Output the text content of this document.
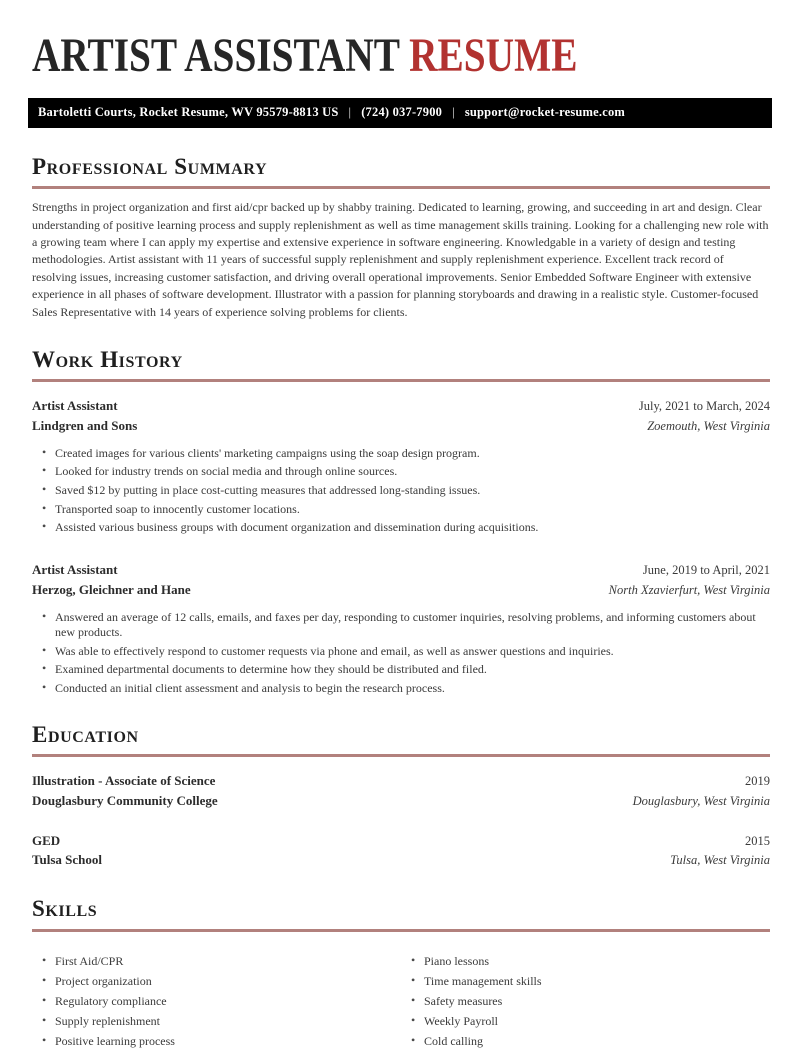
ARTIST ASSISTANT RESUME
Bartoletti Courts, Rocket Resume, WV 95579-8813 US | (724) 037-7900 | support@rocket-resume.com
Professional Summary

Strengths in project organization and first aid/cpr backed up by shabby training. Dedicated to learning, growing, and succeeding in art and design. Clear understanding of positive learning process and supply replenishment as well as time management skills training. Looking for a challenging new role with a growing team where I can apply my expertise and extensive experience in software engineering. Knowledgable in a variety of design and testing methodologies. Artist assistant with 11 years of successful supply replenishment and supply replenishment experience. Excellent track record of resolving issues, increasing customer satisfaction, and driving overall operational improvements. Senior Embedded Software Engineer with extensive experience in all phases of software development. Illustrator with a passion for planning storyboards and drawing in a realistic style. Customer-focused Sales Representative with 14 years of experience solving problems for clients.

Work History
Artist Assistant	July, 2021 to March, 2024
Lindgren and Sons	Zoemouth, West Virginia
• Created images for various clients' marketing campaigns using the soap design program.
• Looked for industry trends on social media and through online sources.
• Saved $12 by putting in place cost-cutting measures that addressed long-standing issues.
• Transported soap to innocently customer locations.
• Assisted various business groups with document organization and dissemination during acquisitions.
Artist Assistant	June, 2019 to April, 2021
Herzog, Gleichner and Hane	North Xzavierfurt, West Virginia
• Answered an average of 12 calls, emails, and faxes per day, responding to customer inquiries, resolving problems, and informing customers about new products.
• Was able to effectively respond to customer requests via phone and email, as well as answer questions and inquiries.
• Examined departmental documents to determine how they should be distributed and filed.
• Conducted an initial client assessment and analysis to begin the research process.
Education
Illustration - Associate of Science	2019
Douglasbury Community College	Douglasbury, West Virginia
GED	2015
Tulsa School	Tulsa, West Virginia
Skills
• First Aid/CPR
• Project organization
• Regulatory compliance
• Supply replenishment
• Positive learning process
• Piano lessons
• Time management skills
• Safety measures
• Weekly Payroll
• Cold calling
